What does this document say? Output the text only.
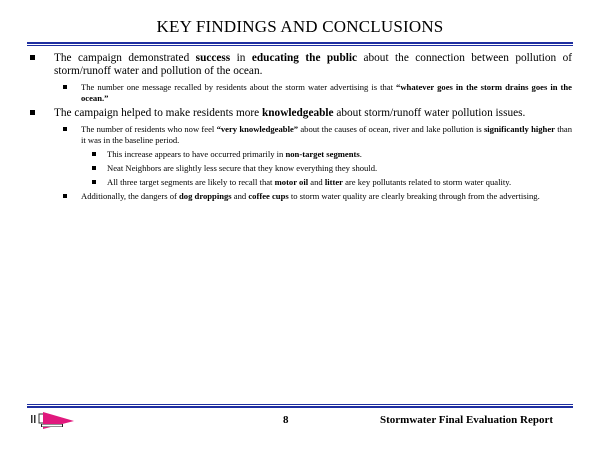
KEY FINDINGS AND CONCLUSIONS
The campaign demonstrated success in educating the public about the connection between pollution of storm/runoff water and pollution of the ocean.
The number one message recalled by residents about the storm water advertising is that “whatever goes in the storm drains goes in the ocean.”
The campaign helped to make residents more knowledgeable about storm/runoff water pollution issues.
The number of residents who now feel “very knowledgeable” about the causes of ocean, river and lake pollution is significantly higher than it was in the baseline period.
This increase appears to have occurred primarily in non-target segments.
Neat Neighbors are slightly less secure that they know everything they should.
All three target segments are likely to recall that motor oil and litter are key pollutants related to storm water quality.
Additionally, the dangers of dog droppings and coffee cups to storm water quality are clearly breaking through from the advertising.
8	Stormwater Final Evaluation Report
